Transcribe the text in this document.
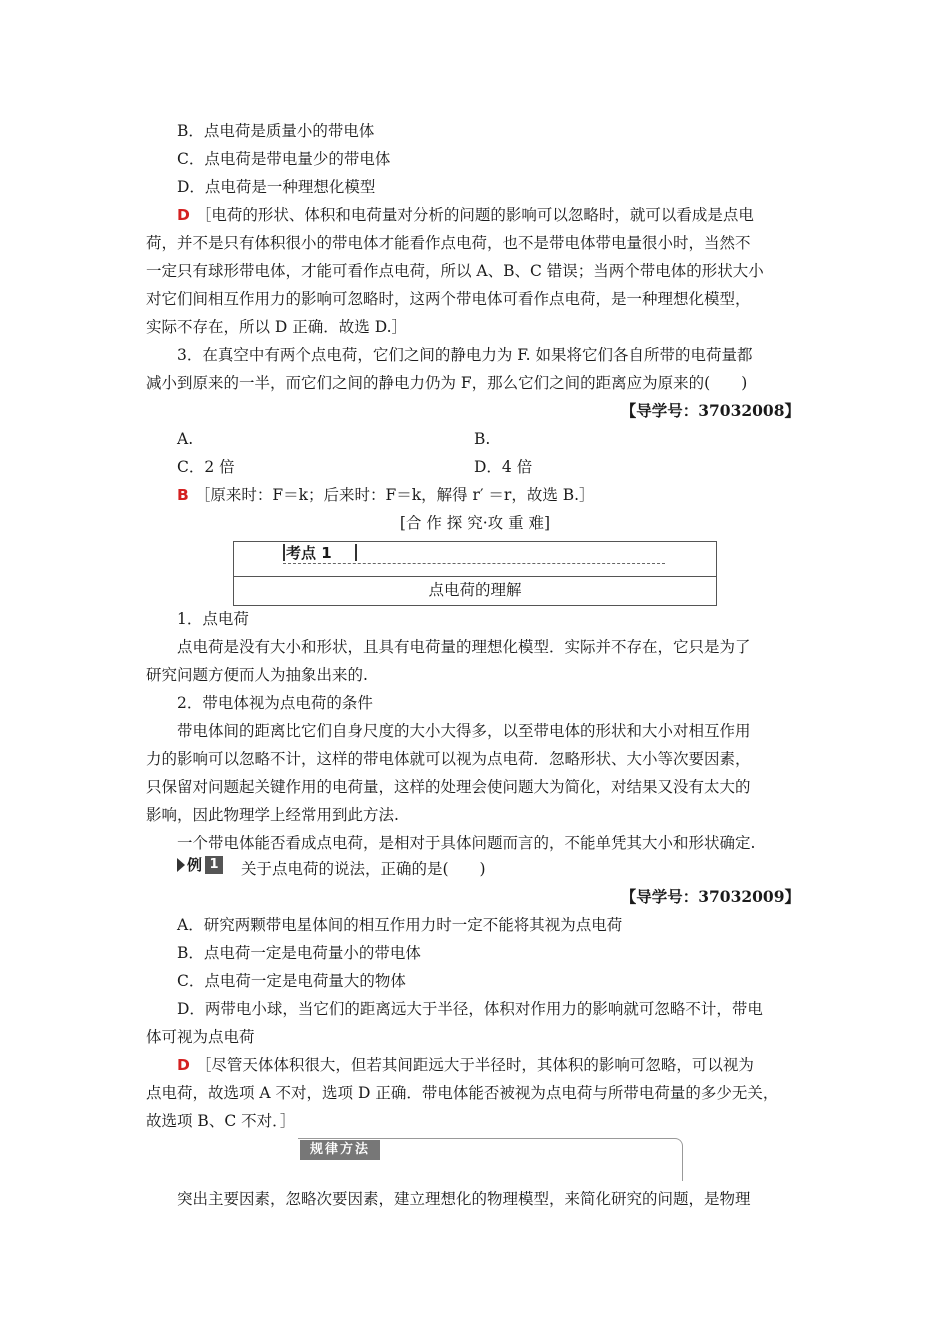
B．点电荷是质量小的带电体
C．点电荷是带电量少的带电体
D．点电荷是一种理想化模型
D ［电荷的形状、体积和电荷量对分析的问题的影响可以忽略时，就可以看成是点电
荷，并不是只有体积很小的带电体才能看作点电荷，也不是带电体带电量很小时，当然不
一定只有球形带电体，才能可看作点电荷，所以 A、B、C 错误；当两个带电体的形状大小
对它们间相互作用力的影响可忽略时，这两个带电体可看作点电荷，是一种理想化模型，
实际不存在，所以 D 正确．故选 D.］
3．在真空中有两个点电荷，它们之间的静电力为 F. 如果将它们各自所带的电荷量都
减小到原来的一半，而它们之间的静电力仍为 F，那么它们之间的距离应为原来的(　　)
【导学号：37032008】
A.	B.
C．2 倍	D．4 倍
B ［原来时：F＝k；后来时：F＝k，解得 r′ ＝r，故选 B.］
[合 作 探 究·攻 重 难]
考点 1
点电荷的理解
1．点电荷
点电荷是没有大小和形状，且具有电荷量的理想化模型．实际并不存在，它只是为了
研究问题方便而人为抽象出来的.
2．带电体视为点电荷的条件
带电体间的距离比它们自身尺度的大小大得多，以至带电体的形状和大小对相互作用
力的影响可以忽略不计，这样的带电体就可以视为点电荷．忽略形状、大小等次要因素，
只保留对问题起关键作用的电荷量，这样的处理会使问题大为简化，对结果又没有太大的
影响，因此物理学上经常用到此方法.
一个带电体能否看成点电荷，是相对于具体问题而言的，不能单凭其大小和形状确定.
例 1 关于点电荷的说法，正确的是(　　)
【导学号：37032009】
A．研究两颗带电星体间的相互作用力时一定不能将其视为点电荷
B．点电荷一定是电荷量小的带电体
C．点电荷一定是电荷量大的物体
D．两带电小球，当它们的距离远大于半径，体积对作用力的影响就可忽略不计，带电
体可视为点电荷
D ［尽管天体体积很大，但若其间距远大于半径时，其体积的影响可忽略，可以视为
点电荷，故选项 A 不对，选项 D 正确．带电体能否被视为点电荷与所带电荷量的多少无关，
故选项 B、C 不对．］
规律方法
突出主要因素，忽略次要因素，建立理想化的物理模型，来简化研究的问题，是物理
